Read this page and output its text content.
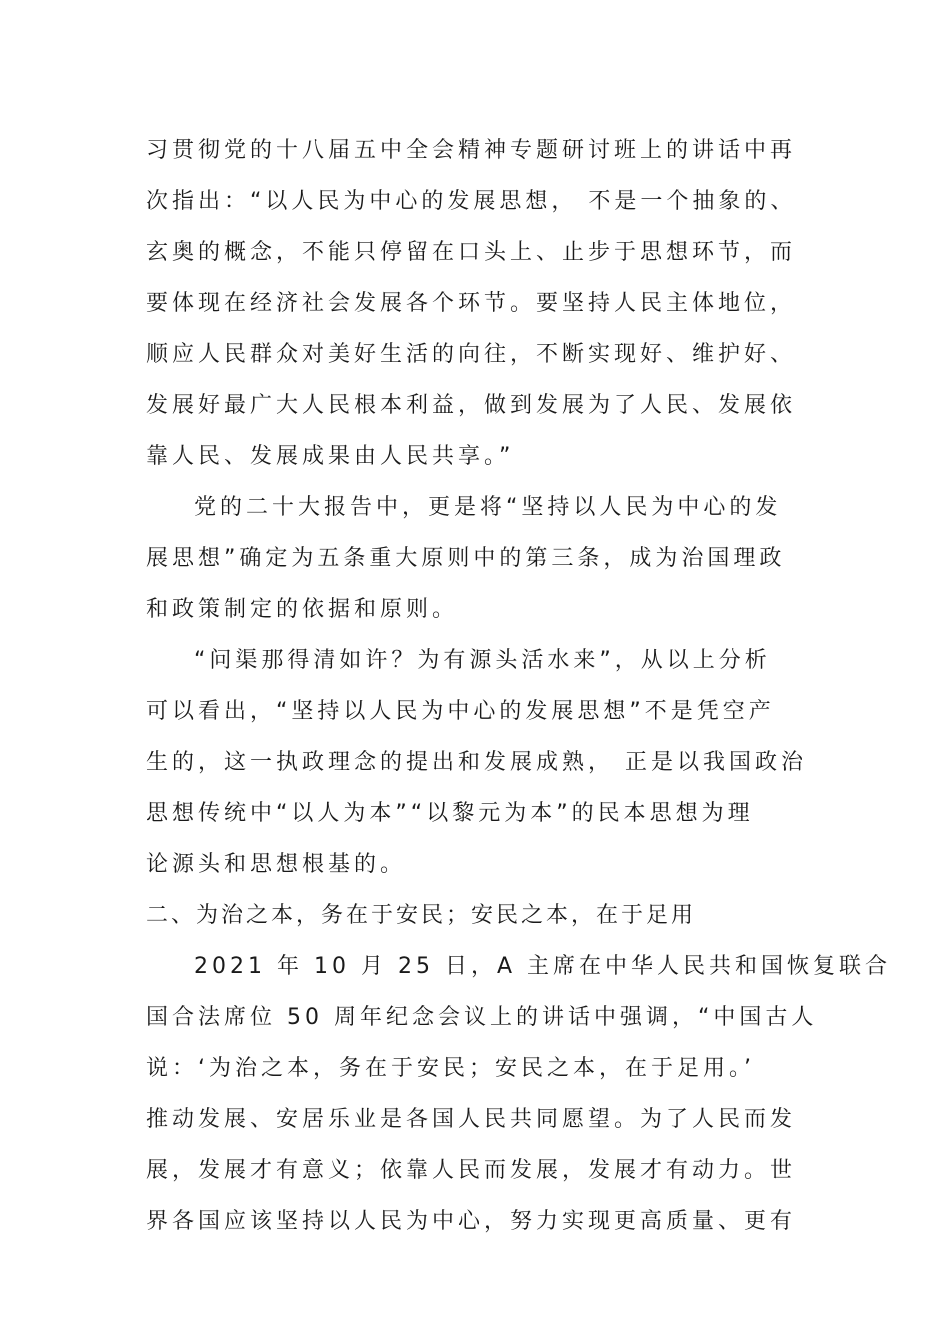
习贯彻党的十八届五中全会精神专题研讨班上的讲话中再
次指出：“以人民为中心的发展思想， 不是一个抽象的、
玄奥的概念，不能只停留在口头上、止步于思想环节，而
要体现在经济社会发展各个环节。要坚持人民主体地位，
顺应人民群众对美好生活的向往，不断实现好、维护好、
发展好最广大人民根本利益，做到发展为了人民、发展依
靠人民、发展成果由人民共享。”
党的二十大报告中，更是将“坚持以人民为中心的发
展思想”确定为五条重大原则中的第三条，成为治国理政
和政策制定的依据和原则。
“问渠那得清如许？为有源头活水来”，从以上分析
可以看出，“坚持以人民为中心的发展思想”不是凭空产
生的，这一执政理念的提出和发展成熟， 正是以我国政治
思想传统中“以人为本”“以黎元为本”的民本思想为理
论源头和思想根基的。
二、为治之本，务在于安民；安民之本，在于足用
2021 年 10 月 25 日，A 主席在中华人民共和国恢复联合
国合法席位 50 周年纪念会议上的讲话中强调，“中国古人
说：‘为治之本，务在于安民；安民之本，在于足用。’
推动发展、安居乐业是各国人民共同愿望。为了人民而发
展，发展才有意义；依靠人民而发展，发展才有动力。世
界各国应该坚持以人民为中心，努力实现更高质量、更有
